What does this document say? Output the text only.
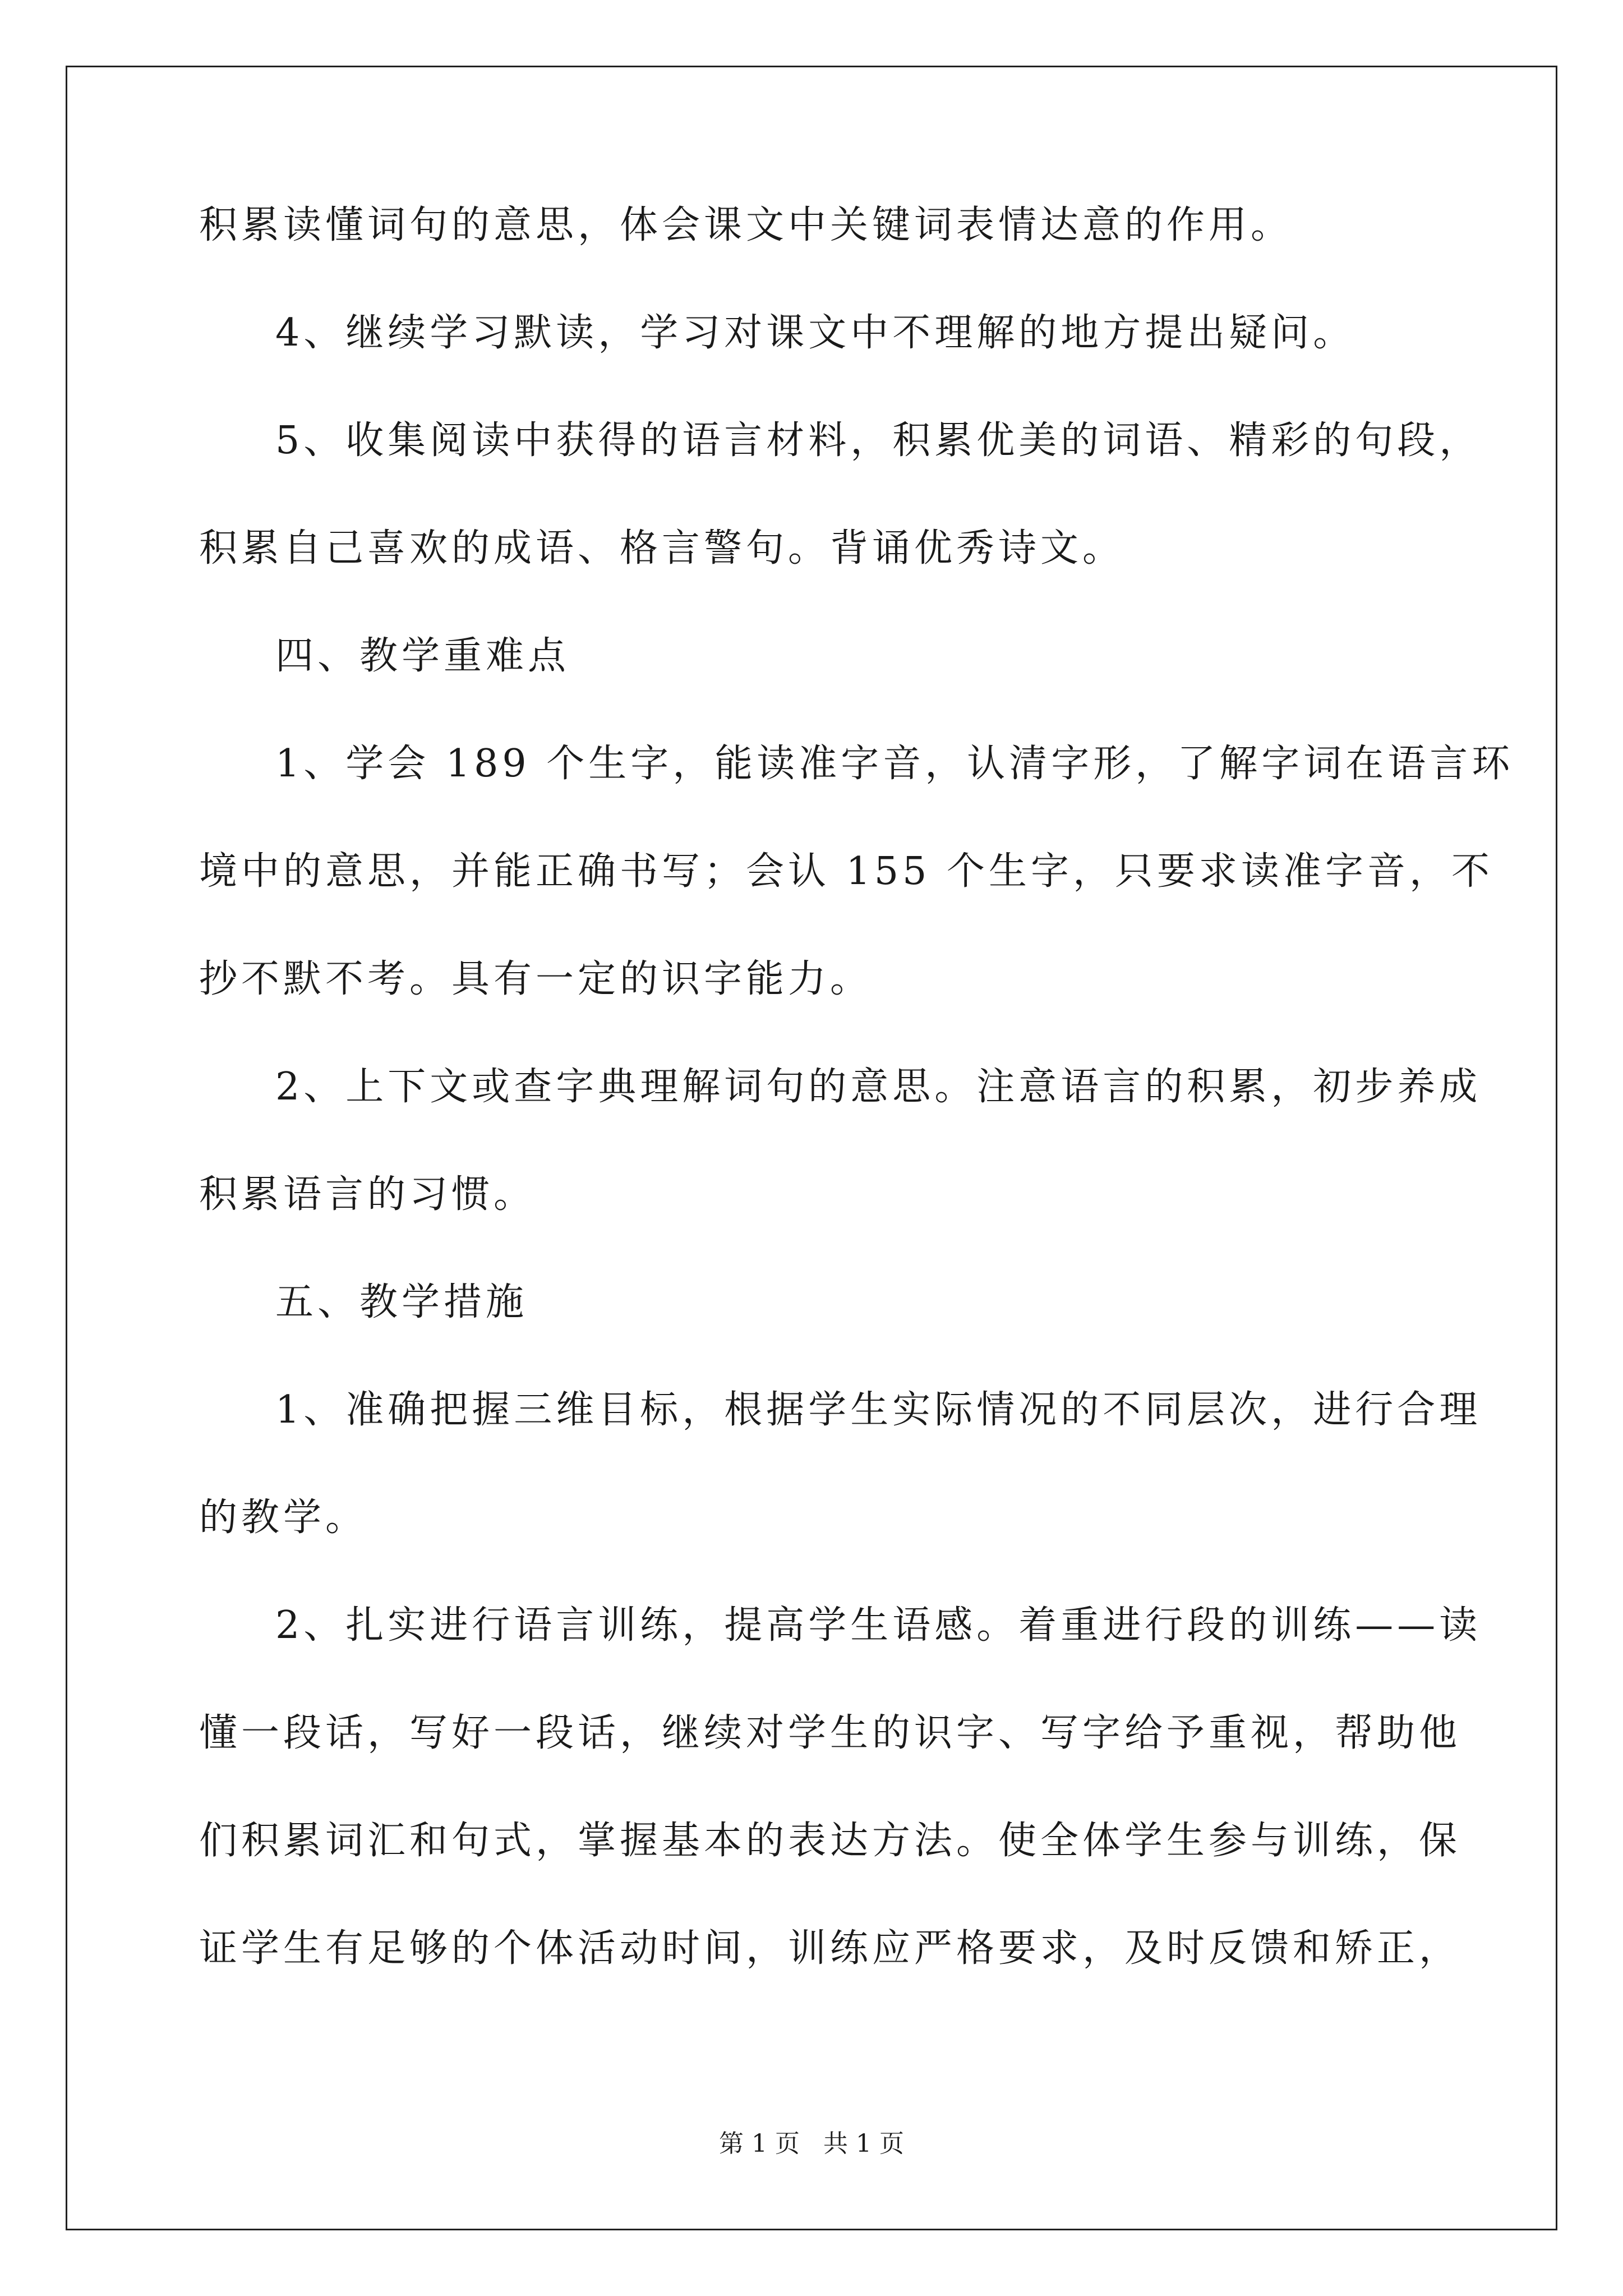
积累读懂词句的意思，体会课文中关键词表情达意的作用。

4、继续学习默读，学习对课文中不理解的地方提出疑问。

5、收集阅读中获得的语言材料，积累优美的词语、精彩的句段，

积累自己喜欢的成语、格言警句。背诵优秀诗文。

四、教学重难点

1、学会 189 个生字，能读准字音，认清字形，了解字词在语言环

境中的意思，并能正确书写；会认 155 个生字，只要求读准字音，不

抄不默不考。具有一定的识字能力。

2、上下文或查字典理解词句的意思。注意语言的积累，初步养成

积累语言的习惯。

五、教学措施

1、准确把握三维目标，根据学生实际情况的不同层次，进行合理

的教学。

2、扎实进行语言训练，提高学生语感。着重进行段的训练——读

懂一段话，写好一段话，继续对学生的识字、写字给予重视，帮助他

们积累词汇和句式，掌握基本的表达方法。使全体学生参与训练，保

证学生有足够的个体活动时间，训练应严格要求，及时反馈和矫正，

第 1 页   共 1 页
